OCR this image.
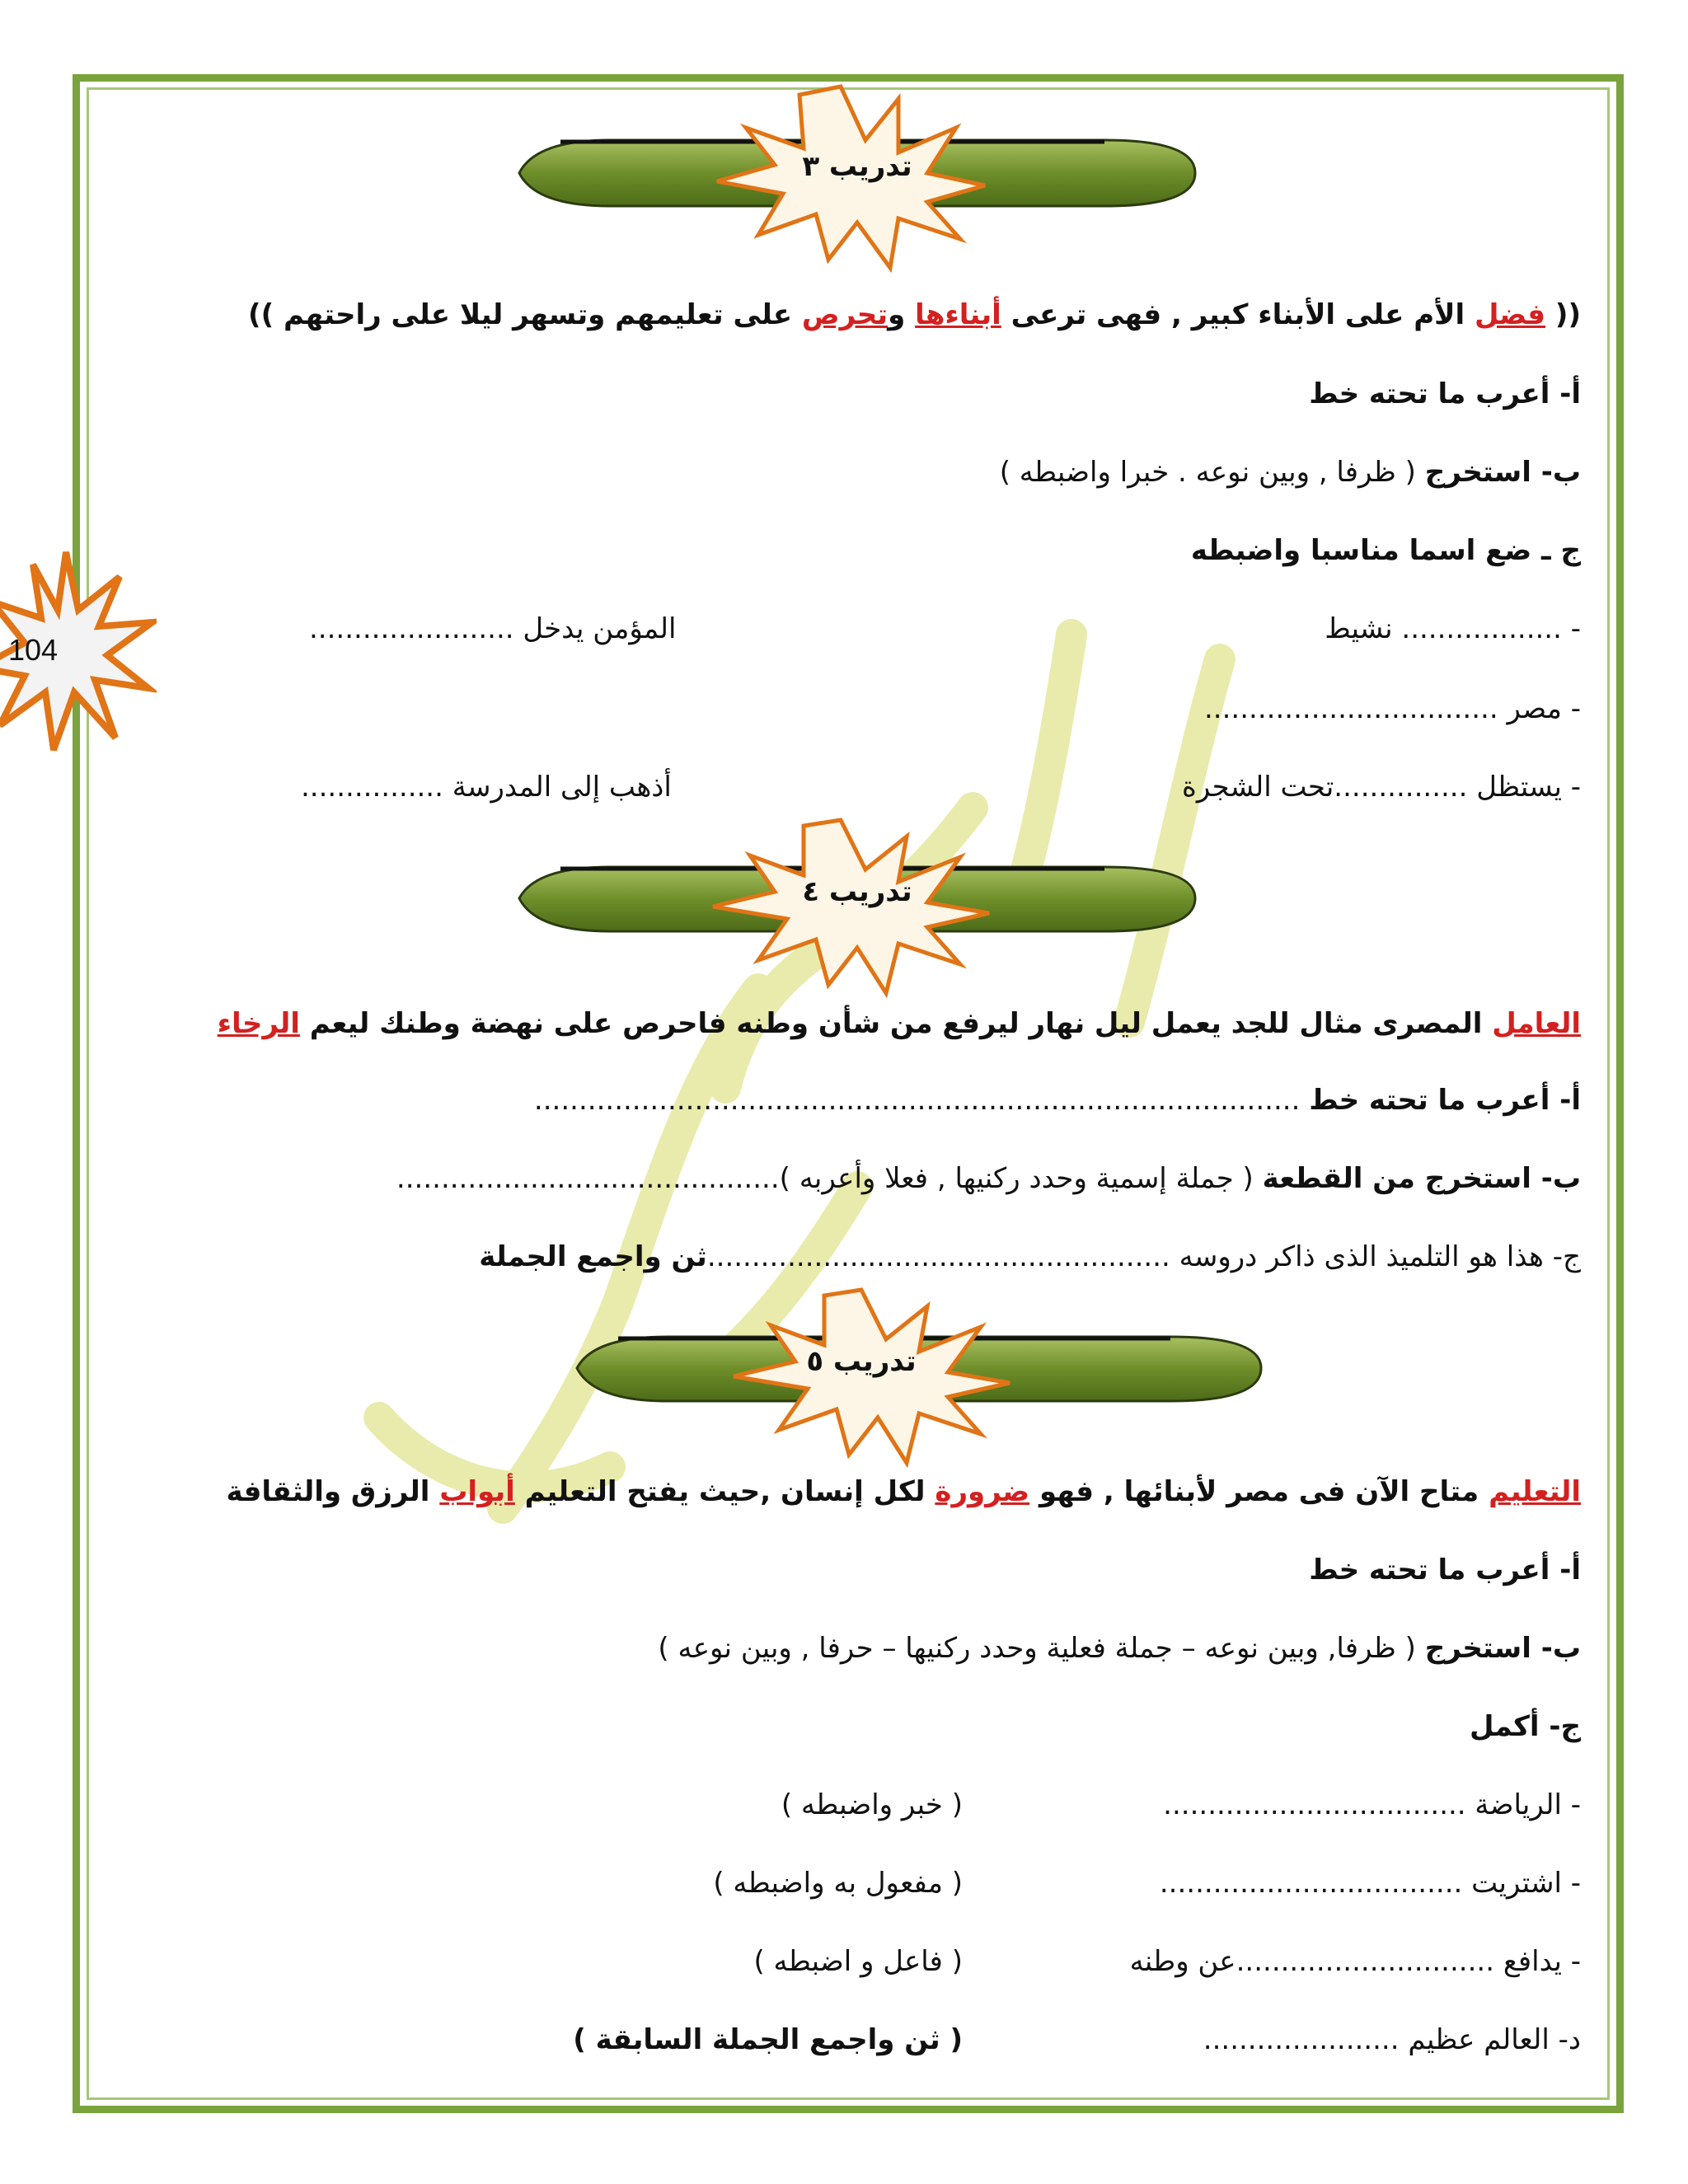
104
تدريب ٣
(( فضل الأم على الأبناء كبير , فهى ترعى أبناءها وتحرص على تعليمهم وتسهر ليلا على راحتهم ))
أ- أعرب ما تحته خط
ب- استخرج ( ظرفا , وبين نوعه . خبرا واضبطه )
ج ـ ضع اسما مناسبا واضبطه
- .................. نشيط
المؤمن يدخل .......................
- مصر .................................
- يستظل ...............تحت الشجرة
أذهب إلى المدرسة ................
تدريب ٤
العامل المصرى مثال للجد يعمل ليل نهار ليرفع من شأن وطنه فاحرص على نهضة وطنك ليعم الرخاء
أ- أعرب ما تحته خط ......................................................................................
ب- استخرج من القطعة ( جملة إسمية وحدد ركنيها , فعلا وأعربه )...........................................
ج- هذا هو التلميذ الذى ذاكر دروسه ....................................................ثن واجمع الجملة
تدريب ٥
التعليم متاح الآن فى مصر لأبنائها , فهو ضرورة لكل إنسان ,حيث يفتح التعليم أبواب الرزق والثقافة
أ- أعرب ما تحته خط
ب- استخرج ( ظرفا, وبين نوعه – جملة فعلية وحدد ركنيها – حرفا , وبين نوعه )
ج- أكمل
- الرياضة ..................................
( خبر واضبطه )
- اشتريت ..................................
( مفعول به واضبطه )
- يدافع .............................عن وطنه
( فاعل و اضبطه )
د- العالم عظيم ......................
( ثن واجمع الجملة السابقة )
